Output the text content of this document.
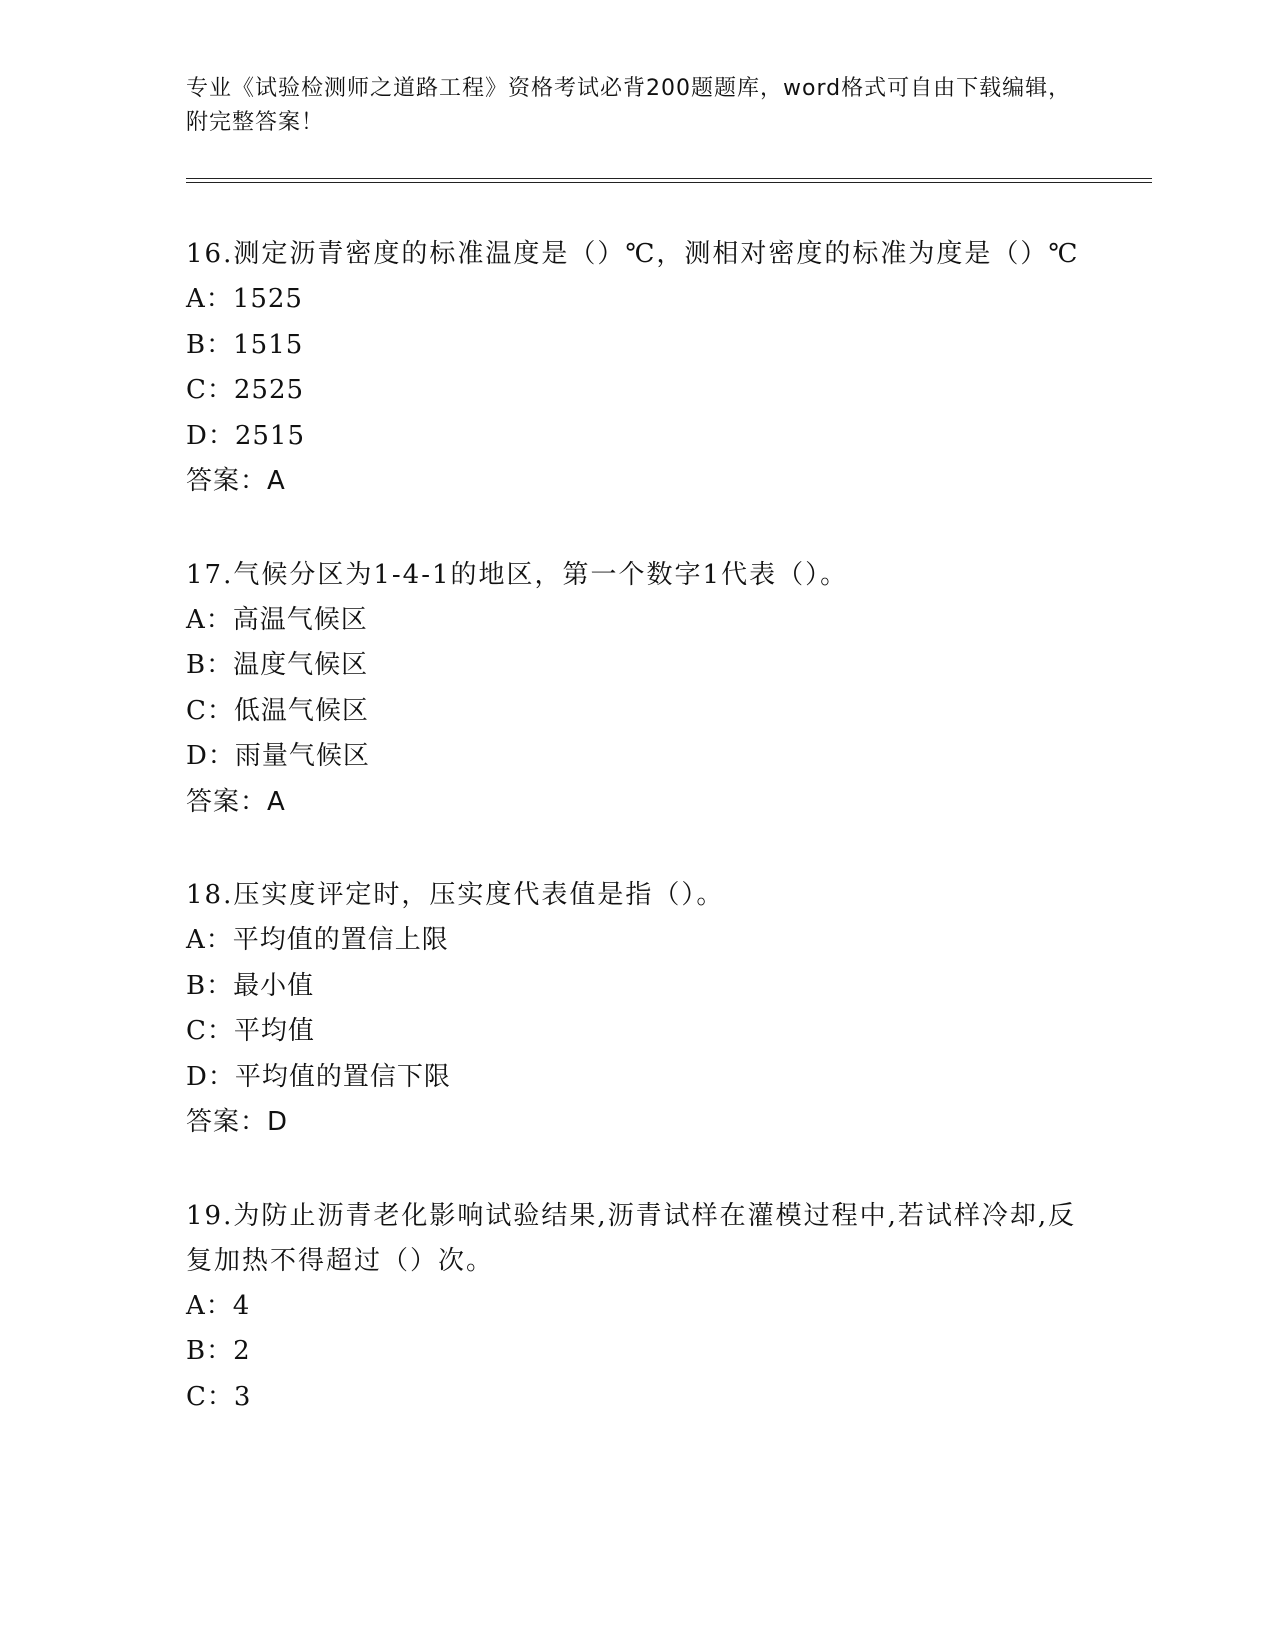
专业《试验检测师之道路工程》资格考试必背200题题库，word格式可自由下载编辑，附完整答案！
16.测定沥青密度的标准温度是（）℃，测相对密度的标准为度是（）℃
A：1525
B：1515
C：2525
D：2515
答案：A
17.气候分区为1-4-1的地区，第一个数字1代表（）。
A：高温气候区
B：温度气候区
C：低温气候区
D：雨量气候区
答案：A
18.压实度评定时，压实度代表值是指（）。
A：平均值的置信上限
B：最小值
C：平均值
D：平均值的置信下限
答案：D
19.为防止沥青老化影响试验结果,沥青试样在灌模过程中,若试样冷却,反复加热不得超过（）次。
A：4
B：2
C：3
